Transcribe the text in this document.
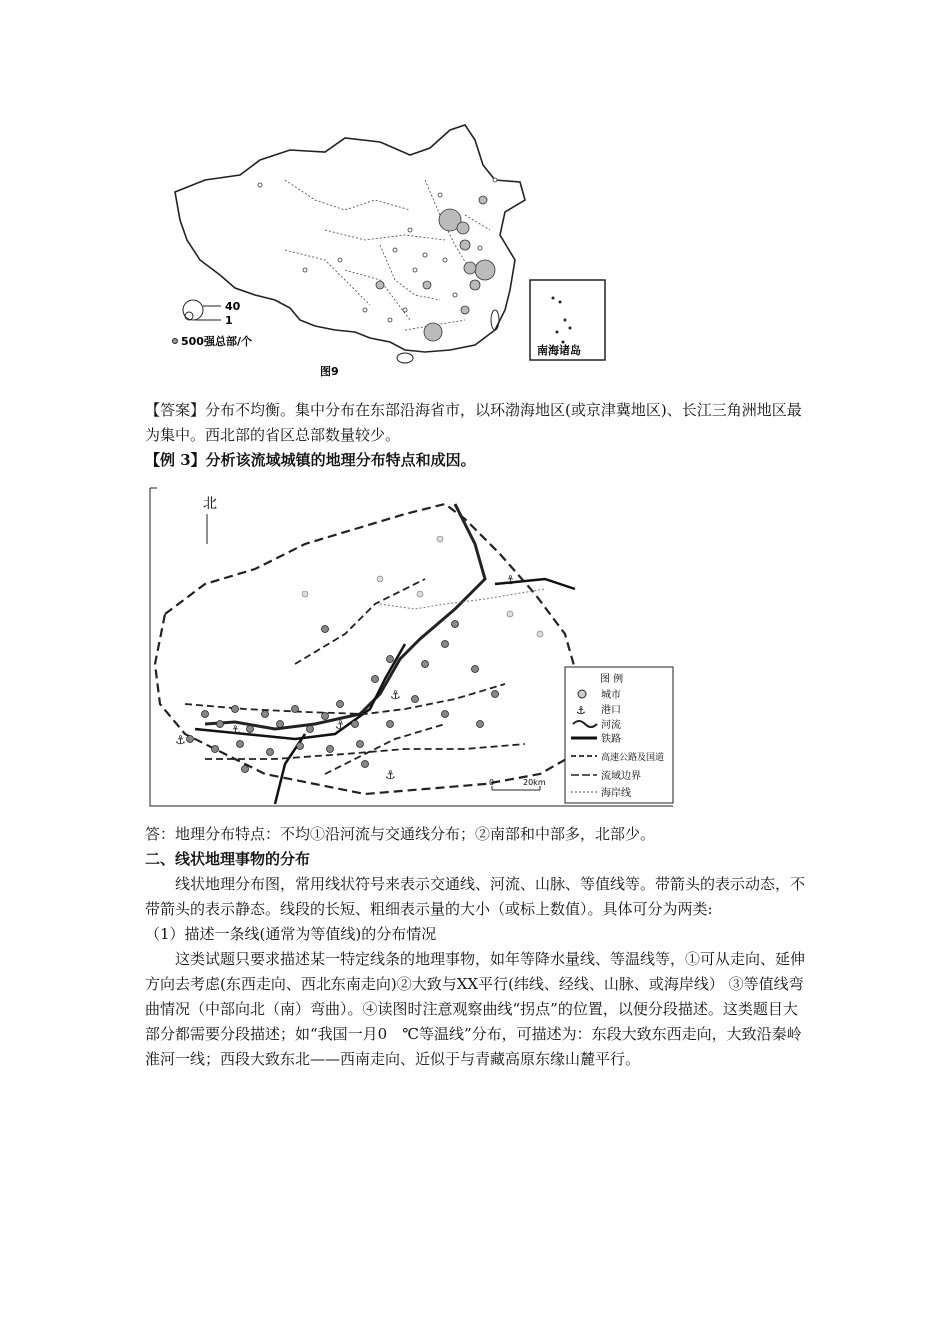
40
1
500强总部/个
南海诸岛
图9
【答案】分布不均衡。集中分布在东部沿海省市，以环渤海地区(或京津冀地区)、长江三角洲地区最为集中。西北部的省区总部数量较少。
【例 3】分析该流域城镇的地理分布特点和成因。
北
⚓
⚓
⚓
⚓
⚓
⚓
图 例
城市
⚓ 港口
河流
铁路
高速公路及国道
流域边界
海岸线
0	20km
答：地理分布特点：不均①沿河流与交通线分布；②南部和中部多，北部少。
二、线状地理事物的分布
线状地理分布图，常用线状符号来表示交通线、河流、山脉、等值线等。带箭头的表示动态，不带箭头的表示静态。线段的长短、粗细表示量的大小（或标上数值）。具体可分为两类:
（1）描述一条线(通常为等值线)的分布情况
这类试题只要求描述某一特定线条的地理事物，如年等降水量线、等温线等，①可从走向、延伸方向去考虑(东西走向、西北东南走向)②大致与XX平行(纬线、经线、山脉、或海岸线） ③等值线弯曲情况（中部向北（南）弯曲）。④读图时注意观察曲线“拐点”的位置，以便分段描述。这类题目大部分都需要分段描述；如“我国一月0　℃等温线”分布，可描述为：东段大致东西走向，大致沿秦岭淮河一线；西段大致东北——西南走向、近似于与青藏高原东缘山麓平行。
